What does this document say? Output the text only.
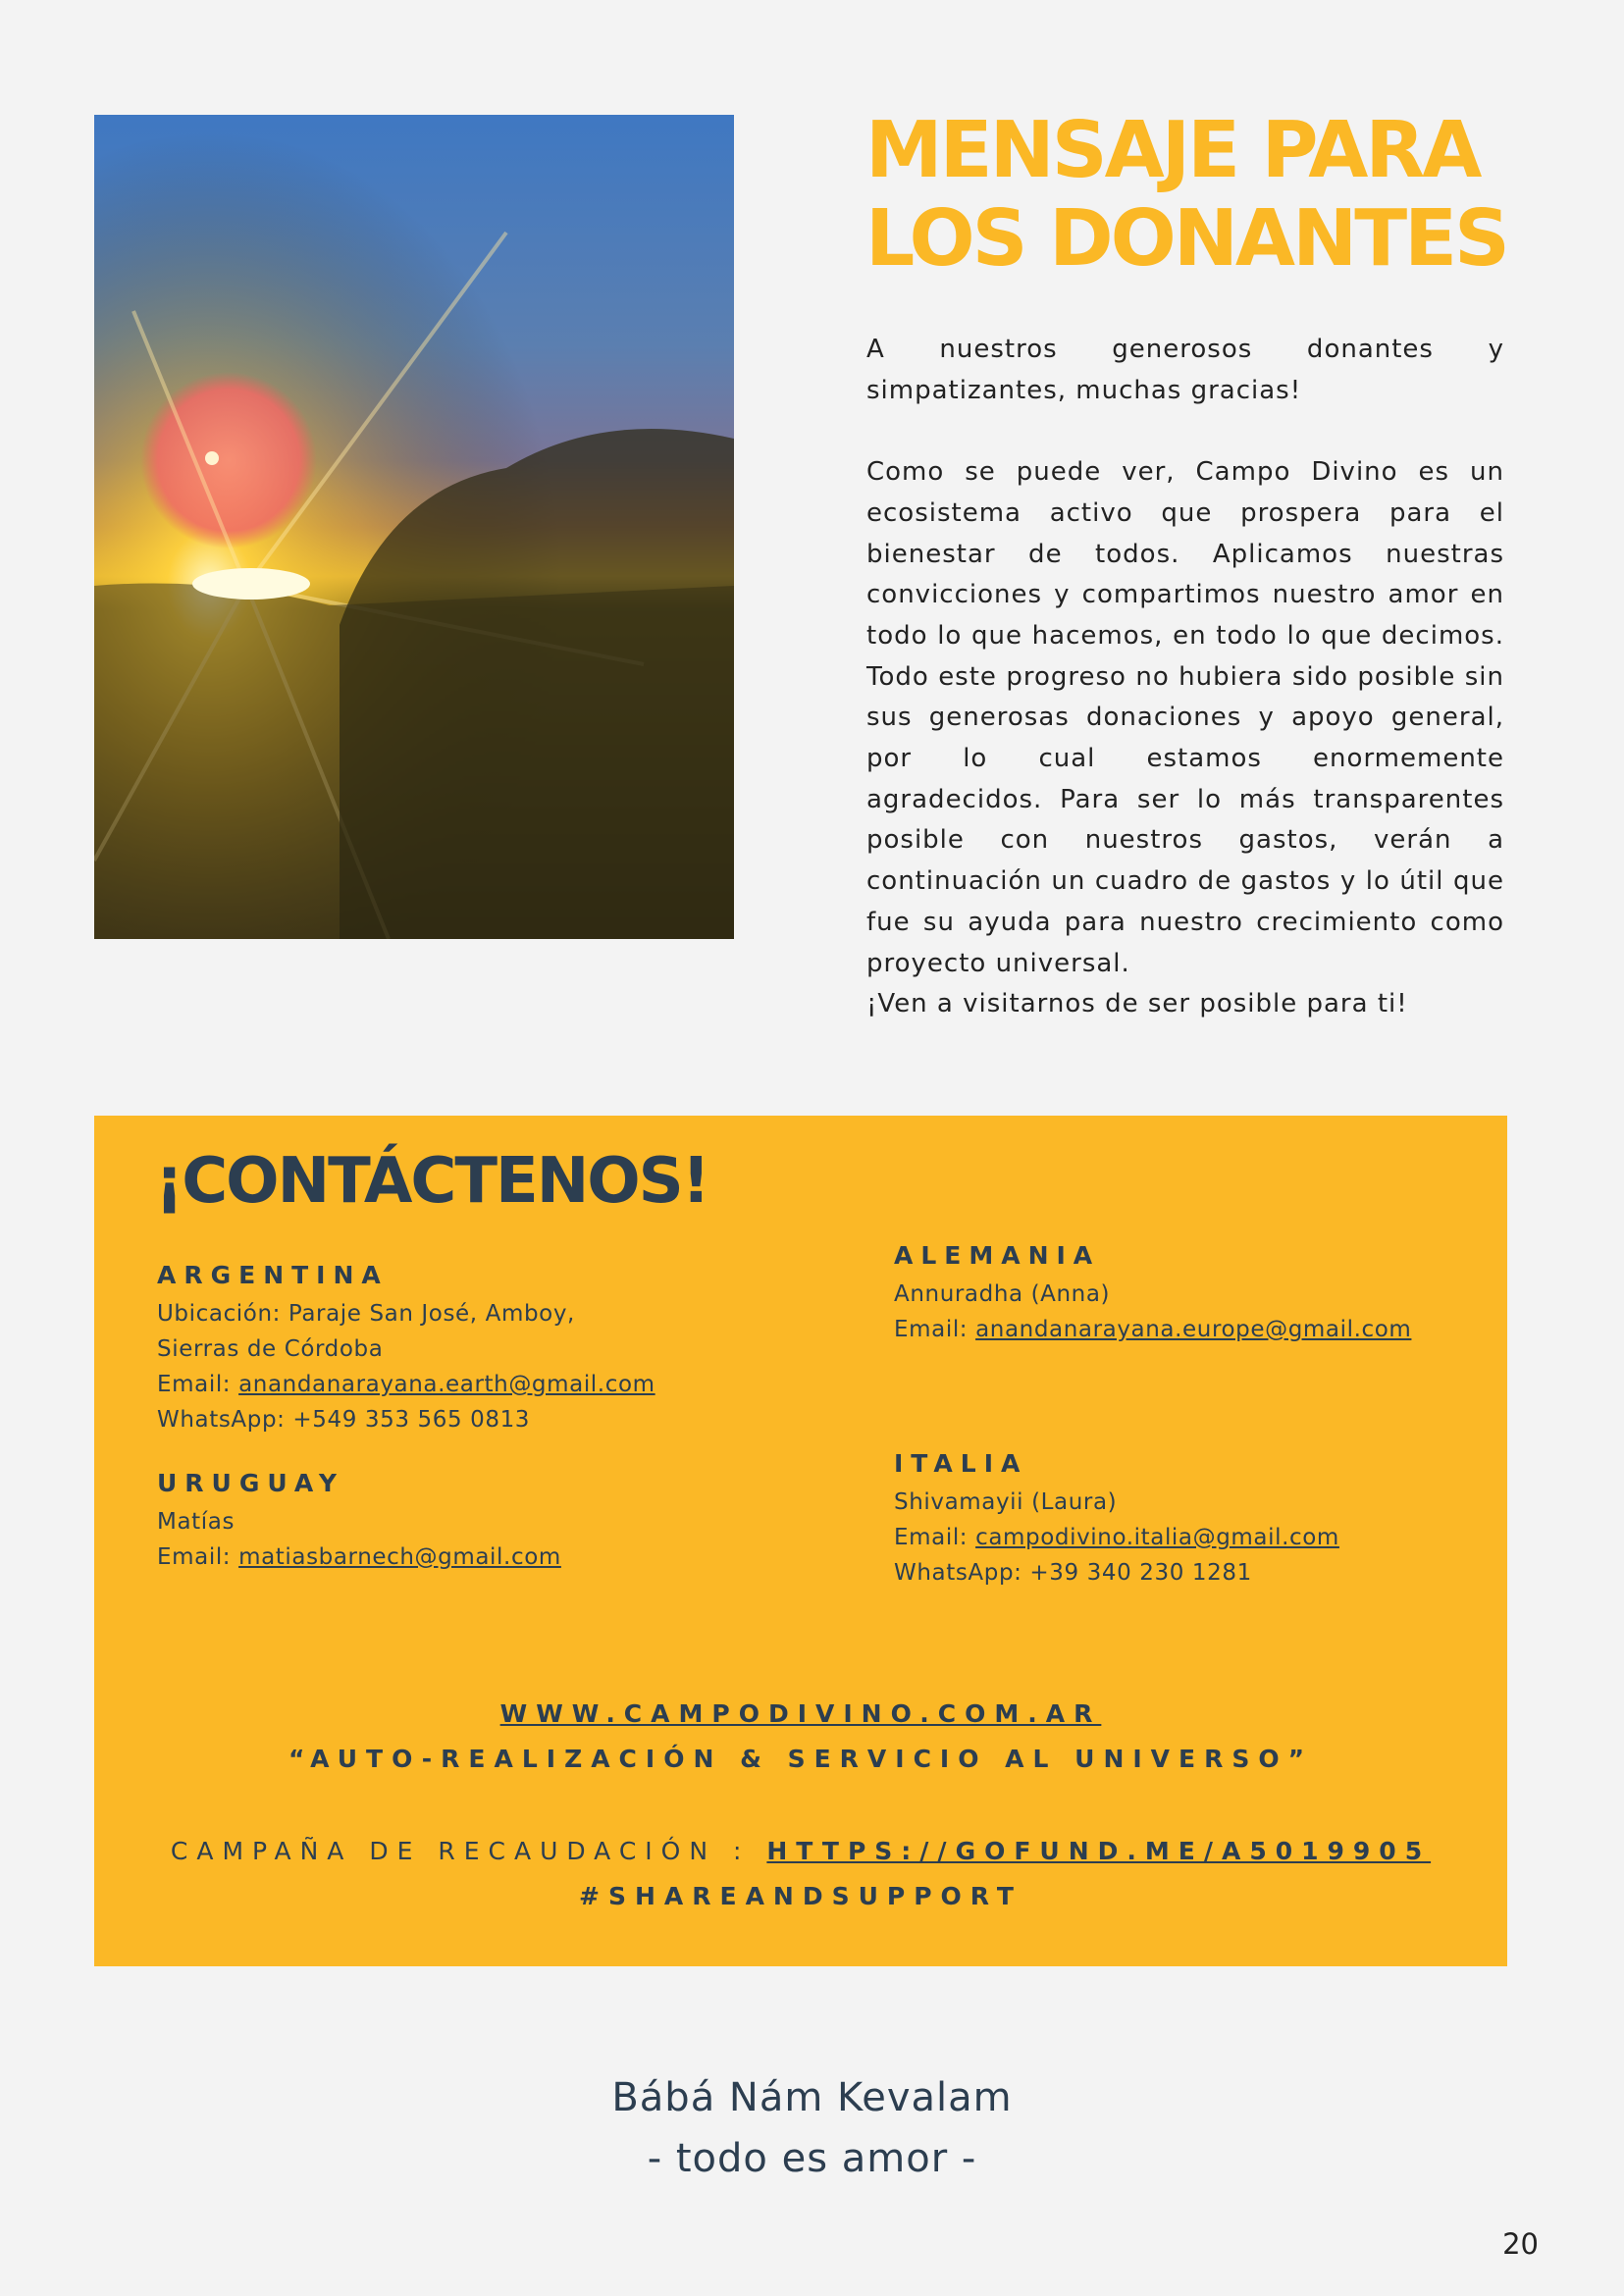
MENSAJE PARA
LOS DONANTES

A nuestros generosos donantes y simpatizantes, muchas gracias!

Como se puede ver, Campo Divino es un ecosistema activo que prospera para el bienestar de todos. Aplicamos nuestras convicciones y compartimos nuestro amor en todo lo que hacemos, en todo lo que decimos. Todo este progreso no hubiera sido posible sin sus generosas donaciones y apoyo general, por lo cual estamos enormemente agradecidos. Para ser lo más transparentes posible con nuestros gastos, verán a continuación un cuadro de gastos y lo útil que fue su ayuda para nuestro crecimiento como proyecto universal.

¡Ven a visitarnos de ser posible para ti!

¡CONTÁCTENOS!
ARGENTINA
Ubicación: Paraje San José, Amboy,
Sierras de Córdoba
Email: anandanarayana.earth@gmail.com
WhatsApp: +549 353 565 0813
URUGUAY
Matías
Email: matiasbarnech@gmail.com
ALEMANIA
Annuradha (Anna)
Email: anandanarayana.europe@gmail.com
ITALIA
Shivamayii (Laura)
Email: campodivino.italia@gmail.com
WhatsApp: +39 340 230 1281
WWW.CAMPODIVINO.COM.AR
“AUTO-REALIZACIÓN & SERVICIO AL UNIVERSO”
CAMPAÑA DE RECAUDACIÓN : HTTPS://GOFUND.ME/A5019905
#SHAREANDSUPPORT
Bábá Nám Kevalam
- todo es amor -
20
